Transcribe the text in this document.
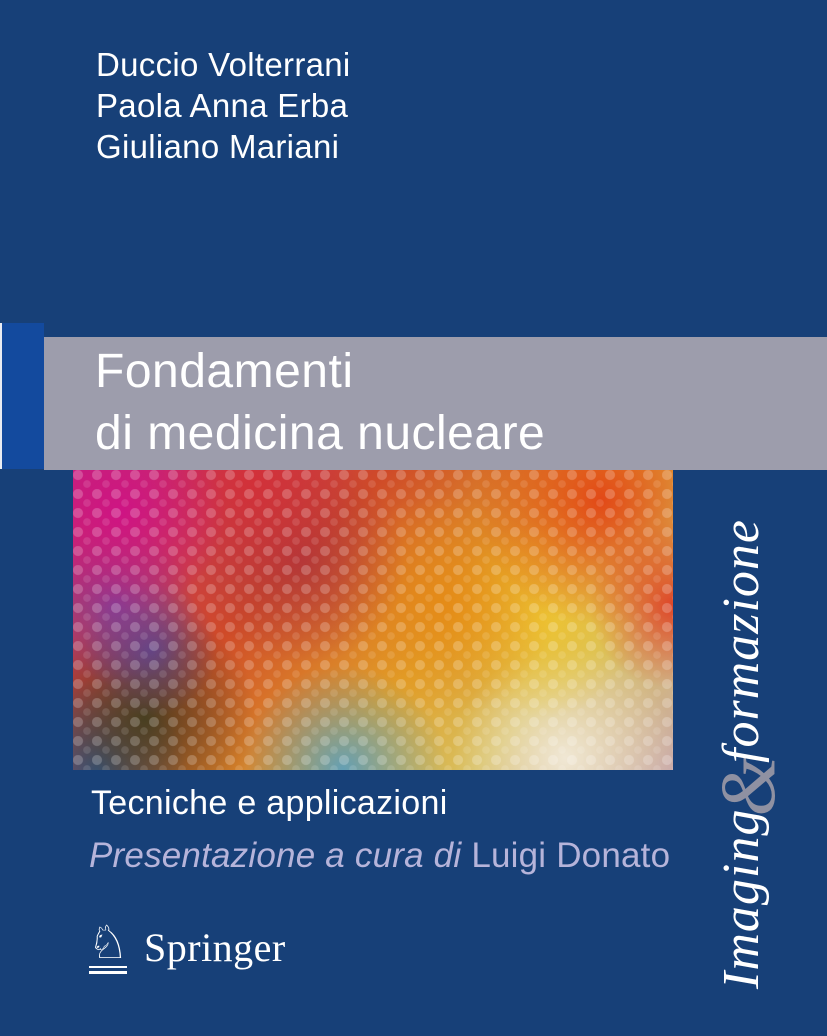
Duccio Volterrani
Paola Anna Erba
Giuliano Mariani
Fondamenti
di medicina nucleare
Tecniche e applicazioni
Presentazione a cura di Luigi Donato
♘ Springer	Imaging&formazione
